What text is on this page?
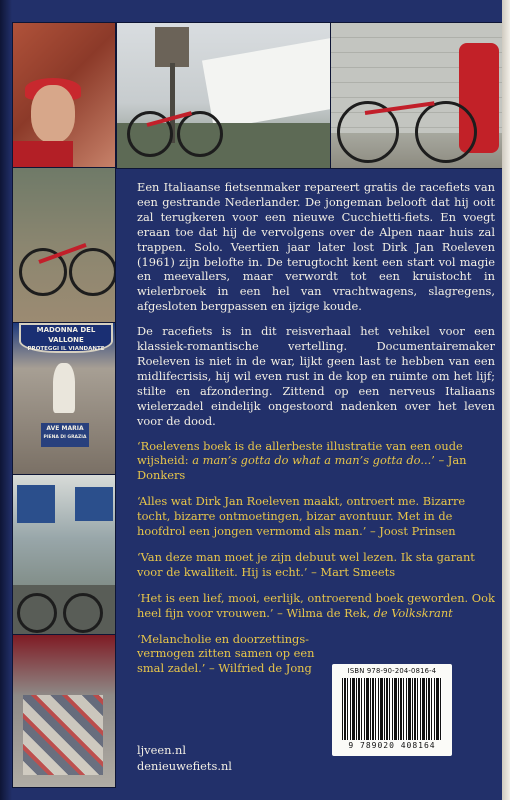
MADONNA DEL VALLONE
PROTEGGI IL VIANDANTE
AVE MARIA
PIENA DI GRAZIA

Een Italiaanse fietsenmaker repareert gratis de racefiets van een gestrande Nederlander. De jongeman belooft dat hij ooit zal terugkeren voor een nieuwe Cucchietti-fiets. En voegt eraan toe dat hij de vervolgens over de Alpen naar huis zal trappen. Solo. Veertien jaar later lost Dirk Jan Roeleven (1961) zijn belofte in. De terugtocht kent een start vol magie en meevallers, maar verwordt tot een kruistocht in wielerbroek in een hel van vrachtwagens, slagregens, afgesloten bergpassen en ijzige koude.

De racefiets is in dit reisverhaal het vehikel voor een klassiek-romantische vertelling. Documentairemaker Roeleven is niet in de war, lijkt geen last te hebben van een midlifecrisis, hij wil even rust in de kop en ruimte om het lijf; stilte en afzondering. Zittend op een nerveus Italiaans wielerzadel eindelijk ongestoord nadenken over het leven voor de dood.

‘Roelevens boek is de allerbeste illustratie van een oude wijsheid: a man’s gotta do what a man’s gotta do...’ – Jan Donkers

‘Alles wat Dirk Jan Roeleven maakt, ontroert me. Bizarre tocht, bizarre ontmoetingen, bizar avontuur. Met in de hoofdrol een jongen vermomd als man.’ – Joost Prinsen

‘Van deze man moet je zijn debuut wel lezen. Ik sta garant voor de kwaliteit. Hij is echt.’ – Mart Smeets

‘Het is een lief, mooi, eerlijk, ontroerend boek geworden. Ook heel fijn voor vrouwen.’ – Wilma de Rek, de Volkskrant

‘Melancholie en doorzettings-vermogen zitten samen op een smal zadel.’ – Wilfried de Jong	ISBN 978-90-204-0816-4
9 789020 408164
ljveen.nl
denieuwefiets.nl
